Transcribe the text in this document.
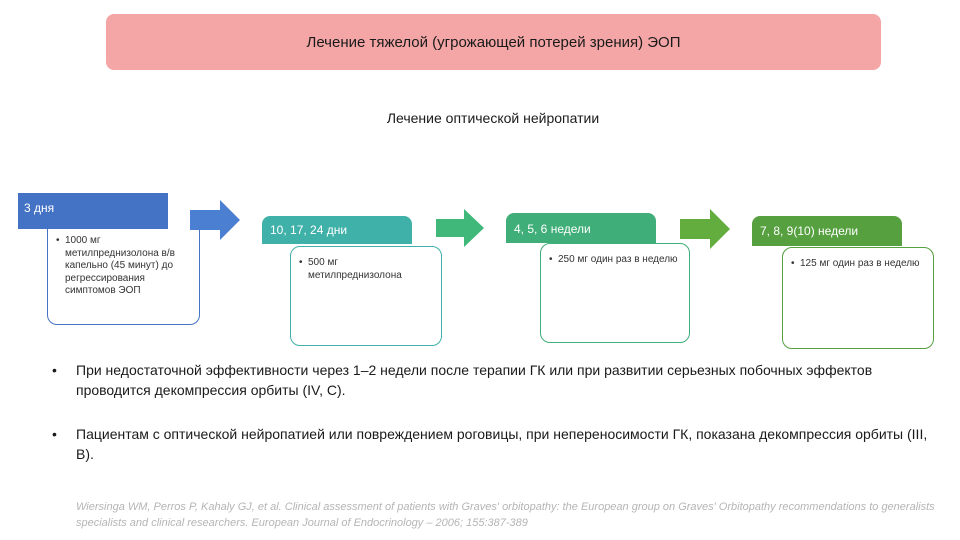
Лечение тяжелой (угрожающей потерей зрения) ЭОП
Лечение оптической нейропатии
3 дня
• 1000 мг метилпреднизолона в/в капельно (45 минут) до регрессирования симптомов ЭОП
10, 17, 24 дни
• 500 мг метилпреднизолона
4, 5, 6 недели
• 250 мг один раз в неделю
7, 8, 9(10) недели
• 125 мг один раз в неделю
•	При недостаточной эффективности через 1–2 недели после терапии ГК или при развитии серьезных побочных эффектов проводится декомпрессия орбиты (IV, C).
•	Пациентам с оптической нейропатией или повреждением роговицы, при непереносимости ГК, показана декомпрессия орбиты (III, B).
Wiersinga WM, Perros P, Kahaly GJ, et al. Clinical assessment of patients with Graves' orbitopathy: the European group on Graves' Orbitopathy recommendations to generalists specialists and clinical researchers. European Journal of Endocrinology – 2006; 155:387-389
